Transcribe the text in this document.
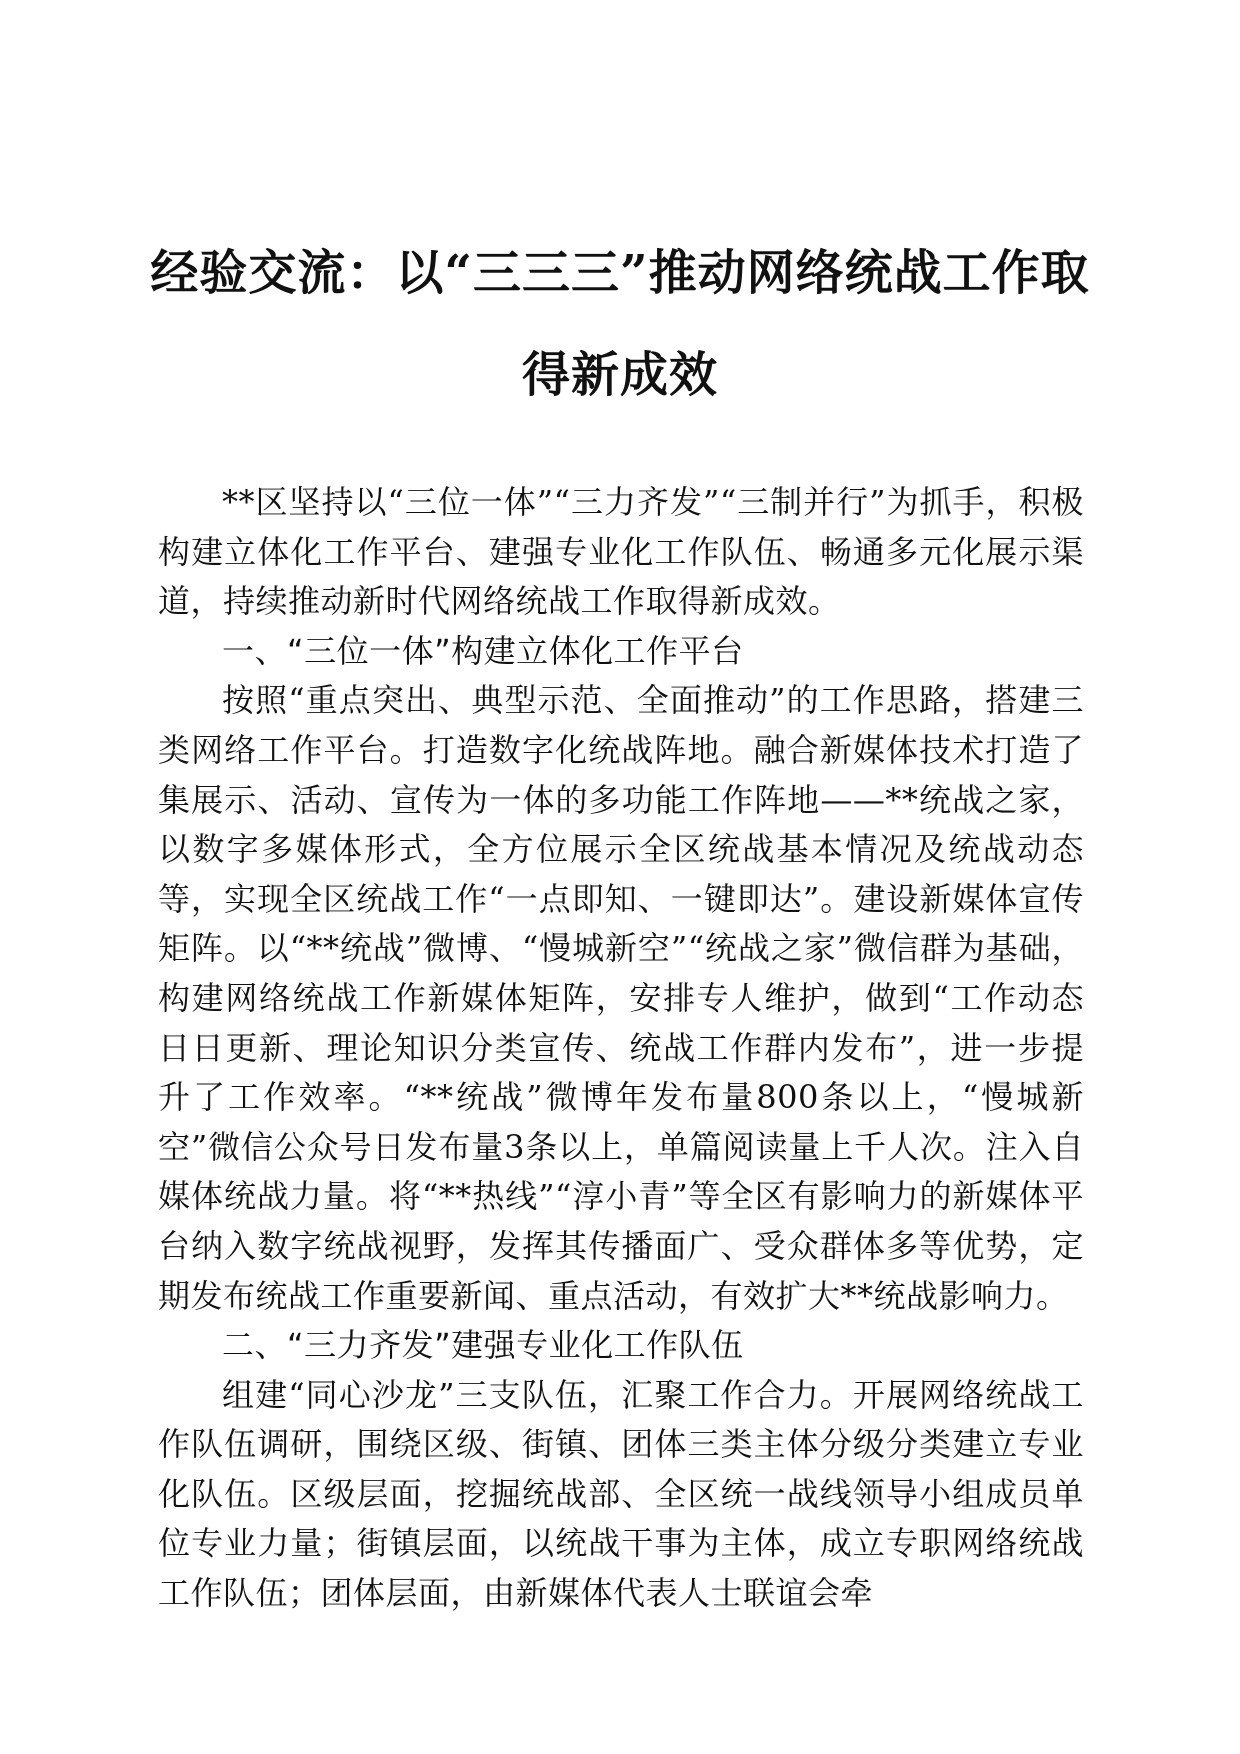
经验交流：以“三三三”推动网络统战工作取得新成效

**区坚持以“三位一体”“三力齐发”“三制并行”为抓手，积极构建立体化工作平台、建强专业化工作队伍、畅通多元化展示渠道，持续推动新时代网络统战工作取得新成效。

一、“三位一体”构建立体化工作平台

按照“重点突出、典型示范、全面推动”的工作思路，搭建三类网络工作平台。打造数字化统战阵地。融合新媒体技术打造了集展示、活动、宣传为一体的多功能工作阵地——**统战之家，以数字多媒体形式，全方位展示全区统战基本情况及统战动态等，实现全区统战工作“一点即知、一键即达”。建设新媒体宣传矩阵。以“**统战”微博、“慢城新空”“统战之家”微信群为基础，构建网络统战工作新媒体矩阵，安排专人维护，做到“工作动态日日更新、理论知识分类宣传、统战工作群内发布”，进一步提升了工作效率。“**统战”微博年发布量800条以上，“慢城新空”微信公众号日发布量3条以上，单篇阅读量上千人次。注入自媒体统战力量。将“**热线”“淳小青”等全区有影响力的新媒体平台纳入数字统战视野，发挥其传播面广、受众群体多等优势，定期发布统战工作重要新闻、重点活动，有效扩大**统战影响力。

二、“三力齐发”建强专业化工作队伍

组建“同心沙龙”三支队伍，汇聚工作合力。开展网络统战工作队伍调研，围绕区级、街镇、团体三类主体分级分类建立专业化队伍。区级层面，挖掘统战部、全区统一战线领导小组成员单位专业力量；街镇层面，以统战干事为主体，成立专职网络统战工作队伍；团体层面，由新媒体代表人士联谊会牵
